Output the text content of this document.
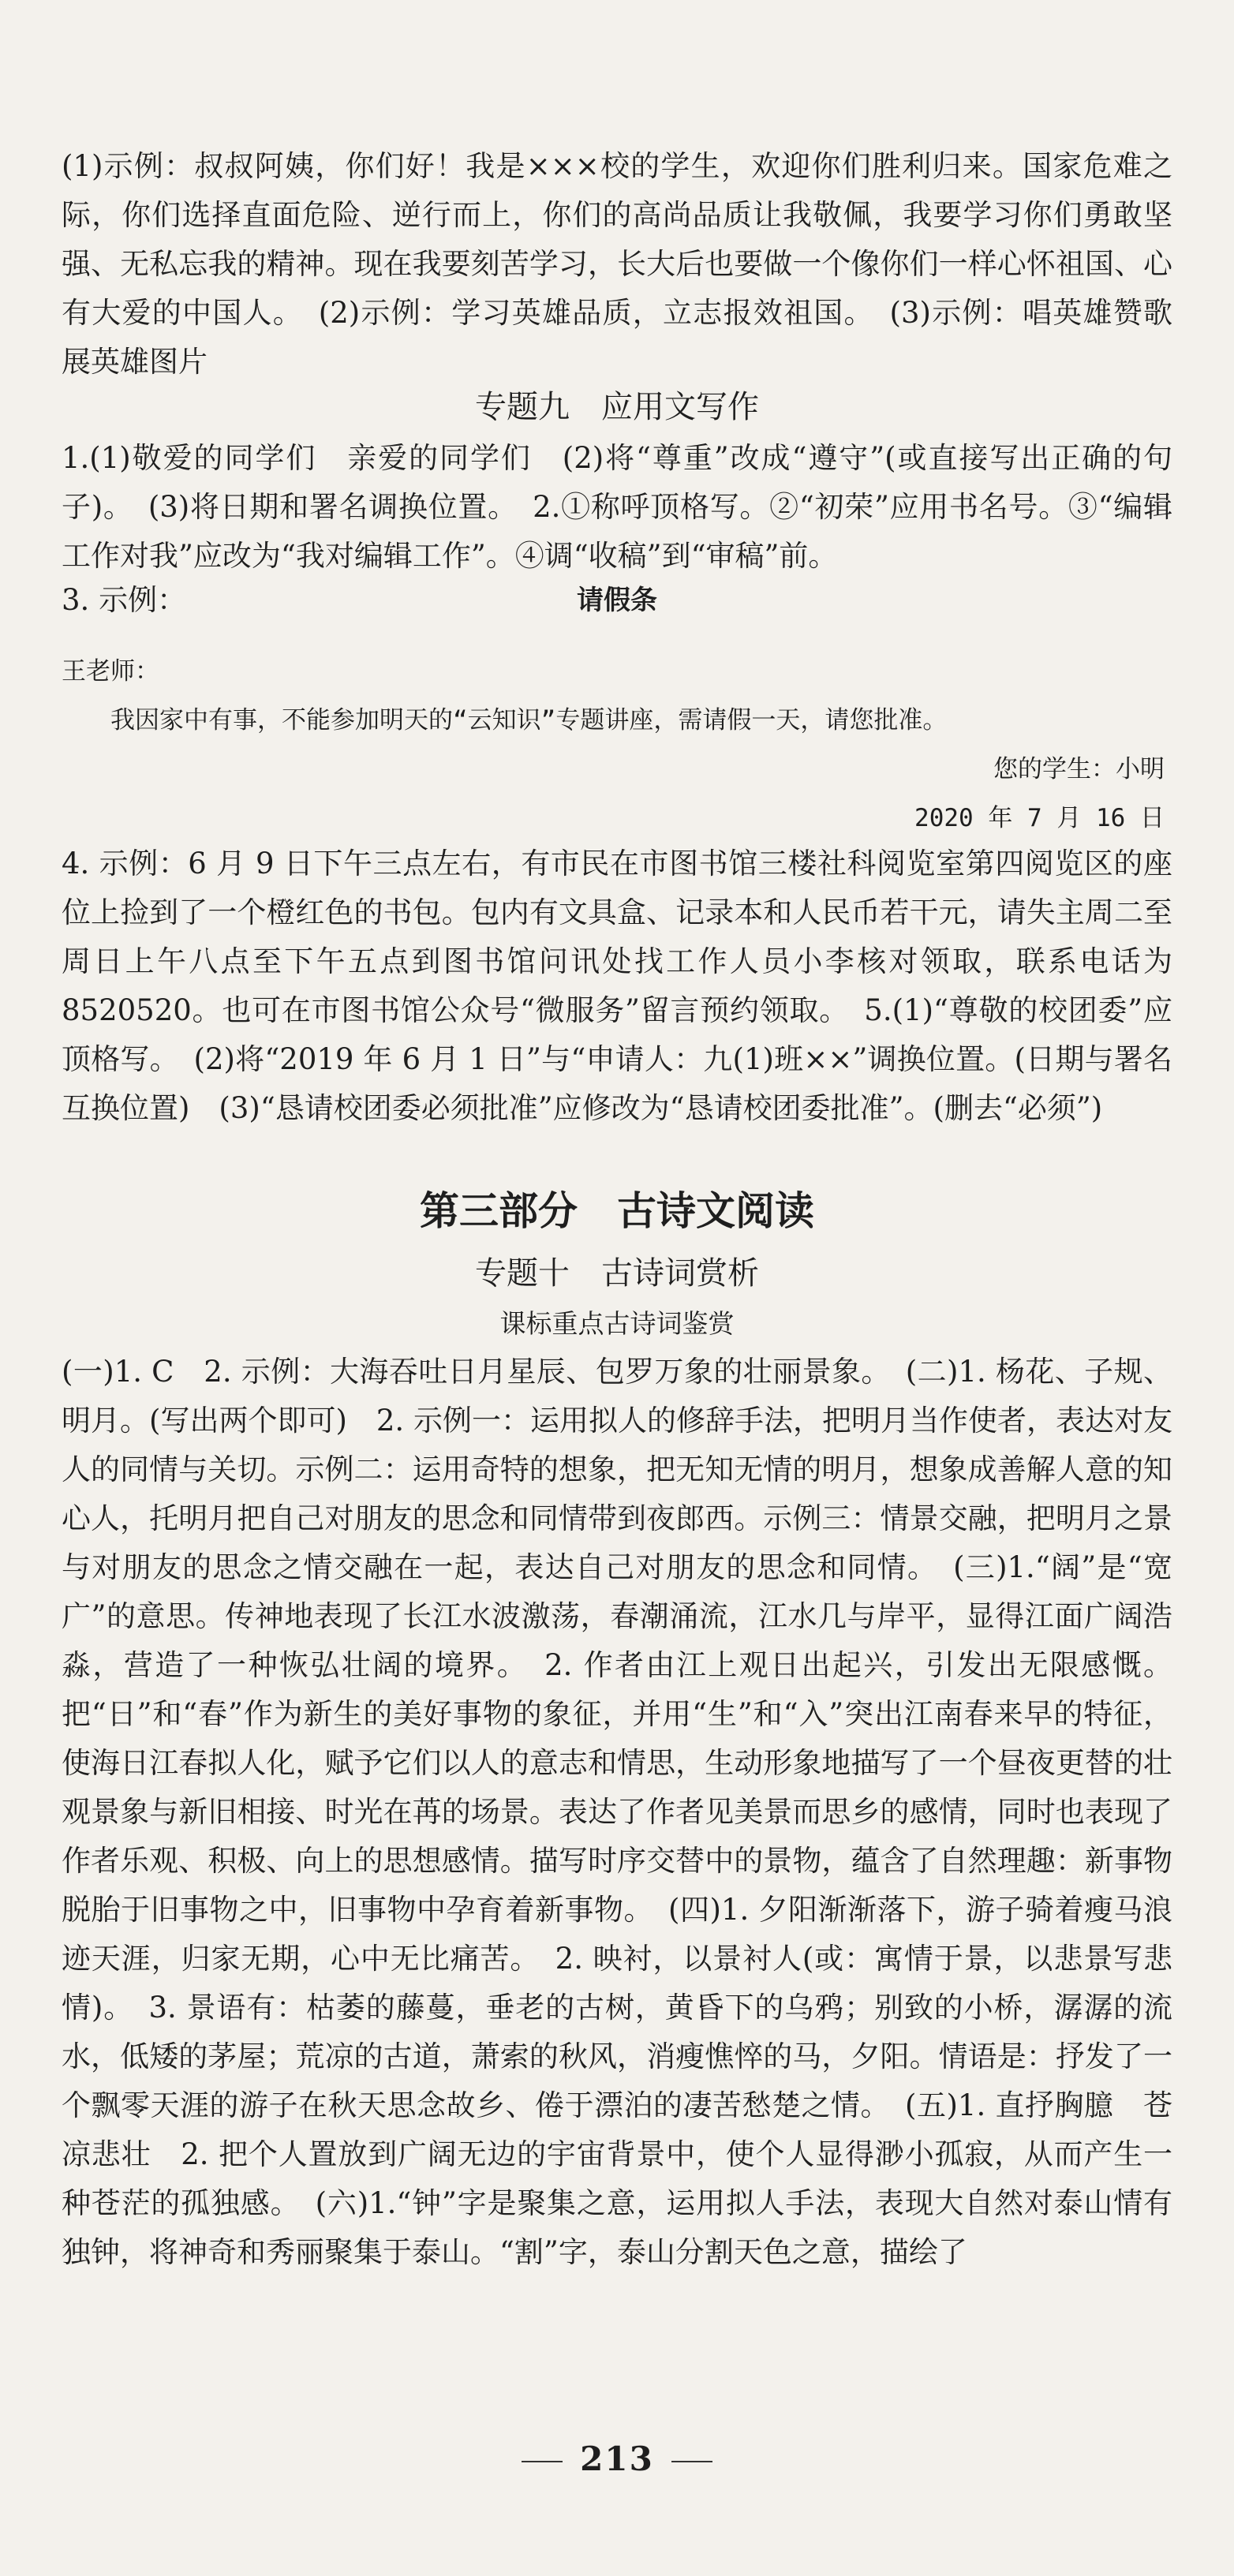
(1)示例：叔叔阿姨，你们好！我是×××校的学生，欢迎你们胜利归来。国家危难之际，你们选择直面危险、逆行而上，你们的高尚品质让我敬佩，我要学习你们勇敢坚强、无私忘我的精神。现在我要刻苦学习，长大后也要做一个像你们一样心怀祖国、心有大爱的中国人。　(2)示例：学习英雄品质，立志报效祖国。　(3)示例：唱英雄赞歌　展英雄图片

专题九　应用文写作

1.(1)敬爱的同学们　亲爱的同学们　(2)将“尊重”改成“遵守”(或直接写出正确的句子)。　(3)将日期和署名调换位置。　2.①称呼顶格写。②“初荣”应用书名号。③“编辑工作对我”应改为“我对编辑工作”。④调“收稿”到“审稿”前。

3. 示例：	请假条
王老师：
我因家中有事，不能参加明天的“云知识”专题讲座，需请假一天，请您批准。
您的学生：小明
2020 年 7 月 16 日

4. 示例：6 月 9 日下午三点左右，有市民在市图书馆三楼社科阅览室第四阅览区的座位上捡到了一个橙红色的书包。包内有文具盒、记录本和人民币若干元，请失主周二至周日上午八点至下午五点到图书馆问讯处找工作人员小李核对领取，联系电话为 8520520。也可在市图书馆公众号“微服务”留言预约领取。　5.(1)“尊敬的校团委”应顶格写。　(2)将“2019 年 6 月 1 日”与“申请人：九(1)班××”调换位置。(日期与署名互换位置)　(3)“恳请校团委必须批准”应修改为“恳请校团委批准”。(删去“必须”)

第三部分　古诗文阅读
专题十　古诗词赏析
课标重点古诗词鉴赏

(一)1. C　2. 示例：大海吞吐日月星辰、包罗万象的壮丽景象。　(二)1. 杨花、子规、明月。(写出两个即可)　2. 示例一：运用拟人的修辞手法，把明月当作使者，表达对友人的同情与关切。示例二：运用奇特的想象，把无知无情的明月，想象成善解人意的知心人，托明月把自己对朋友的思念和同情带到夜郎西。示例三：情景交融，把明月之景与对朋友的思念之情交融在一起，表达自己对朋友的思念和同情。　(三)1.“阔”是“宽广”的意思。传神地表现了长江水波激荡，春潮涌流，江水几与岸平，显得江面广阔浩淼，营造了一种恢弘壮阔的境界。　2. 作者由江上观日出起兴，引发出无限感慨。把“日”和“春”作为新生的美好事物的象征，并用“生”和“入”突出江南春来早的特征，使海日江春拟人化，赋予它们以人的意志和情思，生动形象地描写了一个昼夜更替的壮观景象与新旧相接、时光在苒的场景。表达了作者见美景而思乡的感情，同时也表现了作者乐观、积极、向上的思想感情。描写时序交替中的景物，蕴含了自然理趣：新事物脱胎于旧事物之中，旧事物中孕育着新事物。　(四)1. 夕阳渐渐落下，游子骑着瘦马浪迹天涯，归家无期，心中无比痛苦。　2. 映衬，以景衬人(或：寓情于景，以悲景写悲情)。　3. 景语有：枯萎的藤蔓，垂老的古树，黄昏下的乌鸦；别致的小桥，潺潺的流水，低矮的茅屋；荒凉的古道，萧索的秋风，消瘦憔悴的马，夕阳。情语是：抒发了一个飘零天涯的游子在秋天思念故乡、倦于漂泊的凄苦愁楚之情。　(五)1. 直抒胸臆　苍凉悲壮　2. 把个人置放到广阔无边的宇宙背景中，使个人显得渺小孤寂，从而产生一种苍茫的孤独感。　(六)1.“钟”字是聚集之意，运用拟人手法，表现大自然对泰山情有独钟，将神奇和秀丽聚集于泰山。“割”字，泰山分割天色之意，描绘了

213
